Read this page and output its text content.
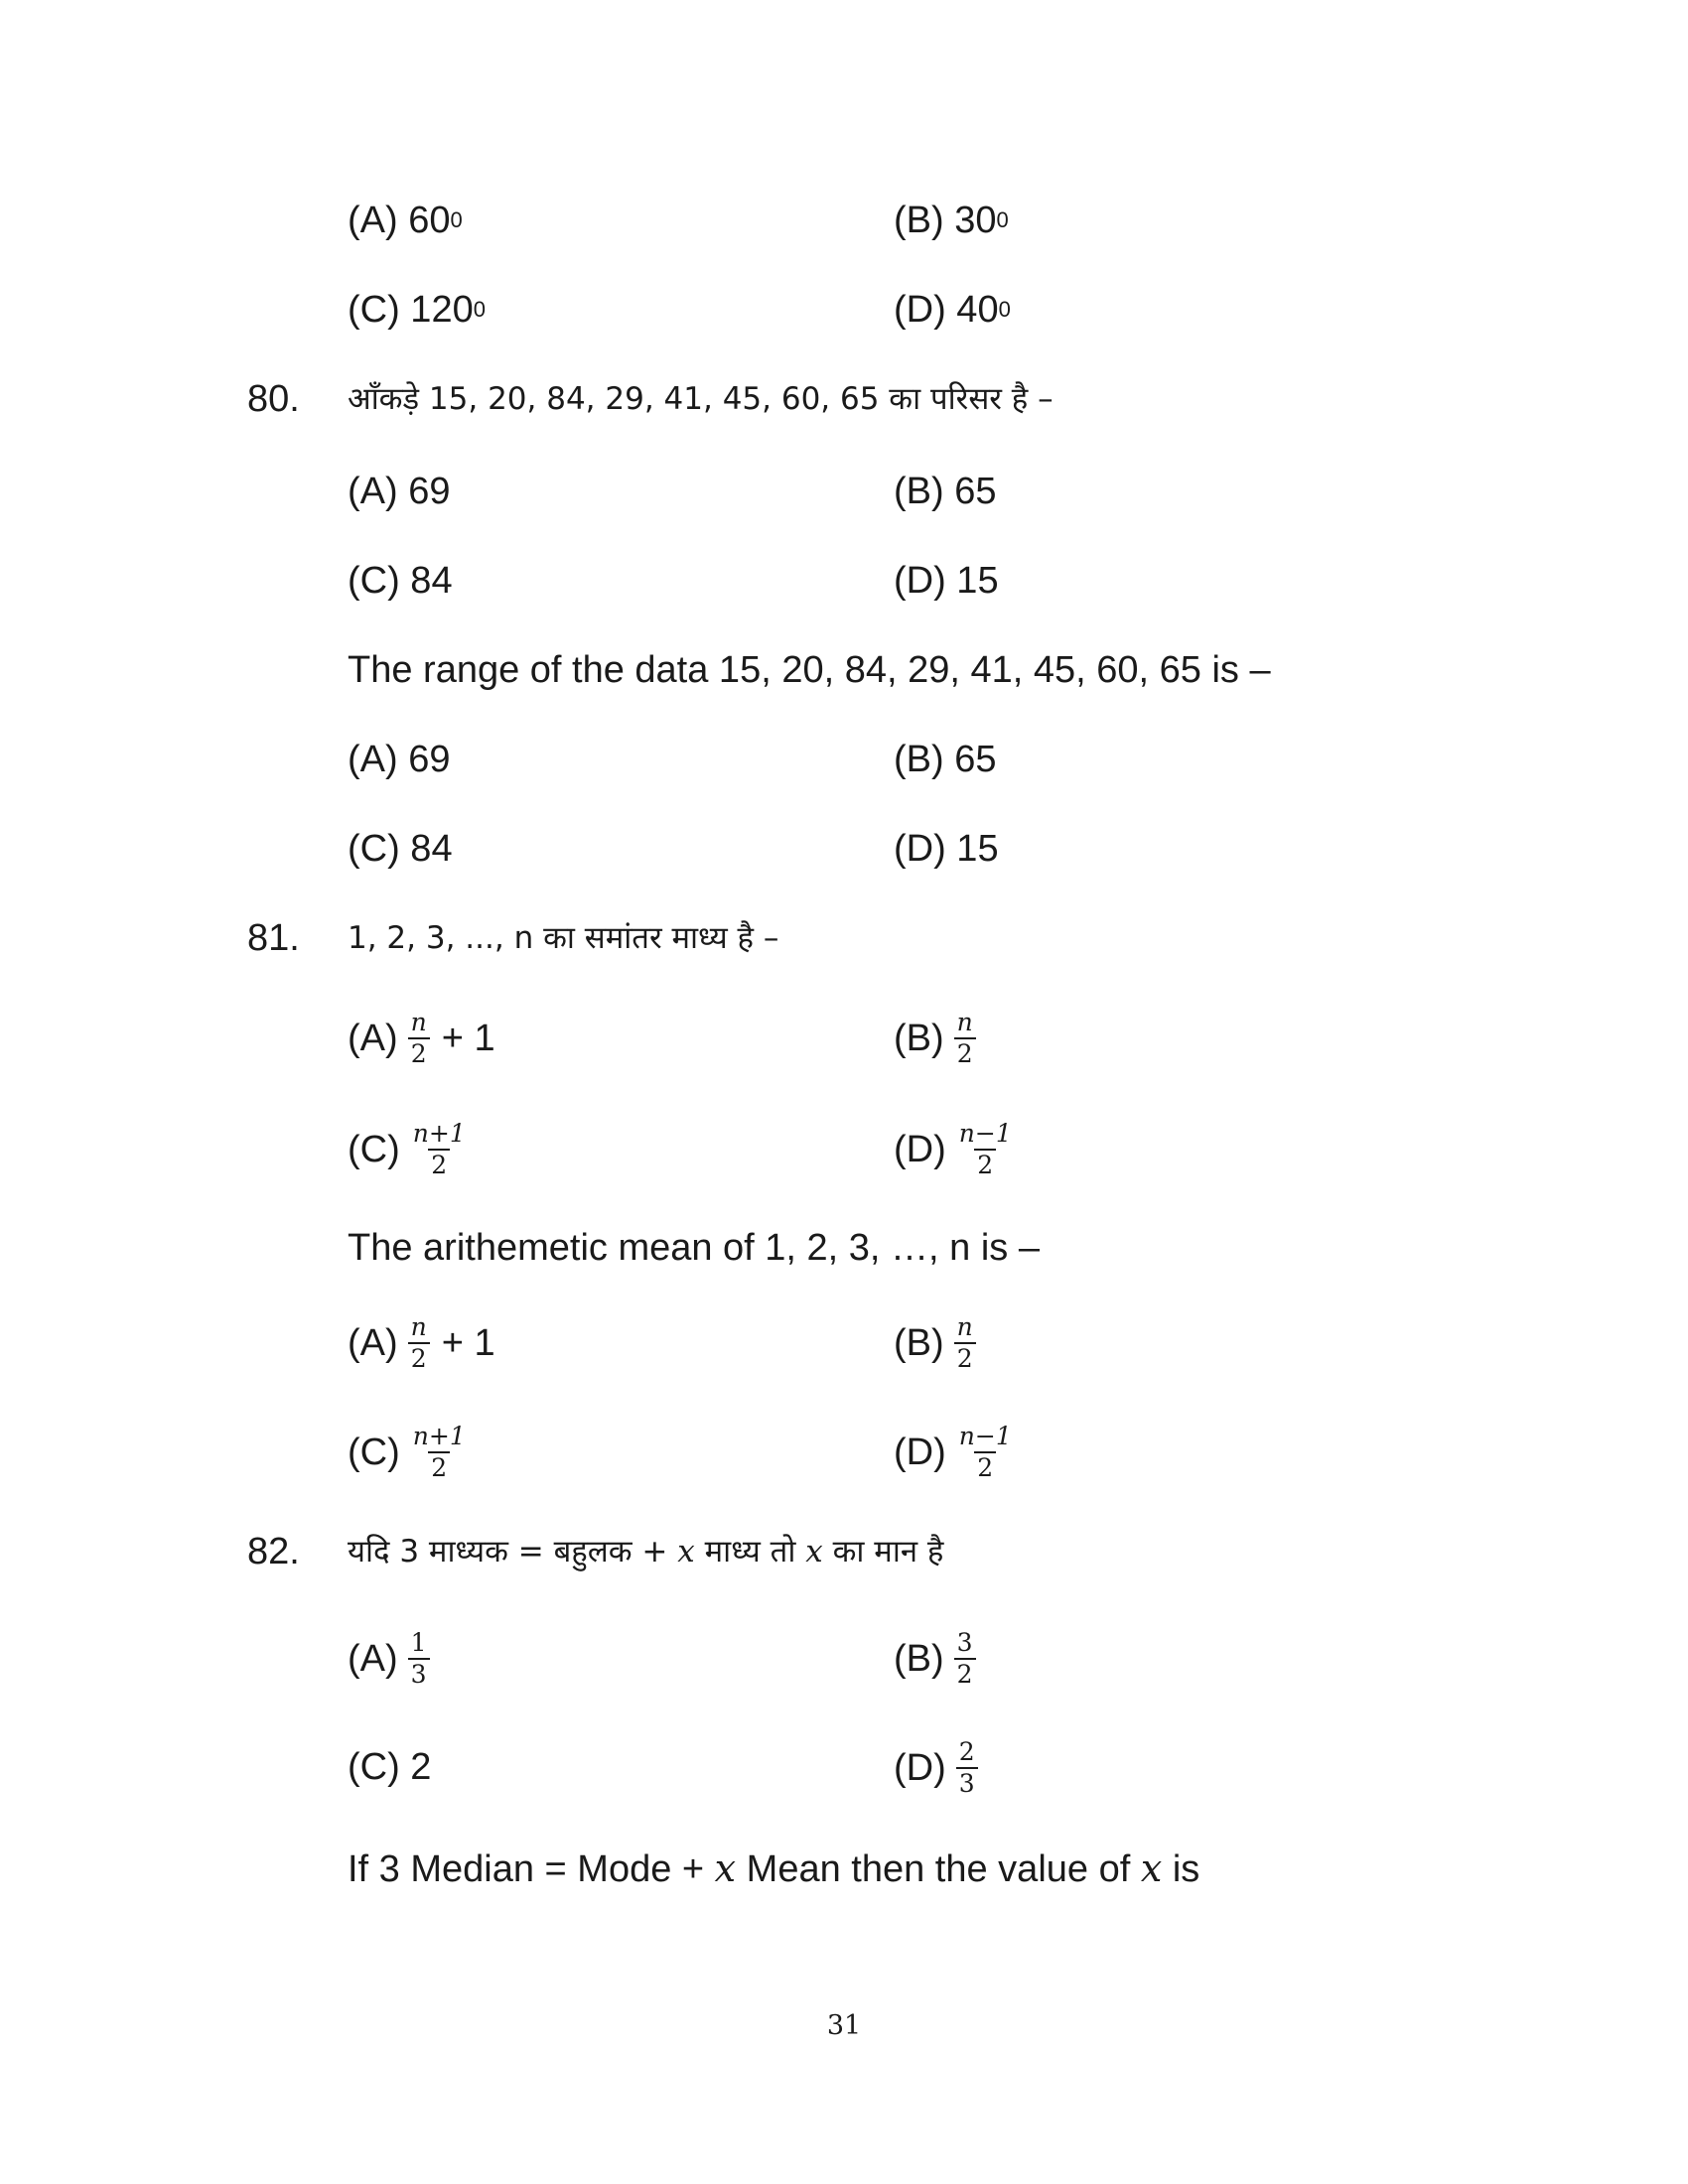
(A) 60 0	(B) 30 0
(C) 120 0	(D) 40 0
80. आँकड़े 15, 20, 84, 29, 41, 45, 60, 65 का परिसर है –
(A) 69	(B) 65
(C) 84	(D) 15
The range of the data 15, 20, 84, 29, 41, 45, 60, 65 is –
(A) 69	(B) 65
(C) 84	(D) 15
81. 1, 2, 3, ..., n का समांतर माध्य है –
$(A) \frac{n}{2} + 1$	$(B) \frac{n}{2}$
$(C) \frac{n+1}{2}$	$(D) \frac{n-1}{2}$
The arithemetic mean of 1, 2, 3, …, n is –
$(A) \frac{n}{2} + 1$	$(B) \frac{n}{2}$
$(C) \frac{n+1}{2}$	$(D) \frac{n-1}{2}$
82. यदि 3 माध्यक = बहुलक + x माध्य तो x का मान है
$(A) \frac{1}{3}$	$(B) \frac{3}{2}$
(C) 2	$(D) \frac{2}{3}$
If 3 Median = Mode + x Mean then the value of x is
31
